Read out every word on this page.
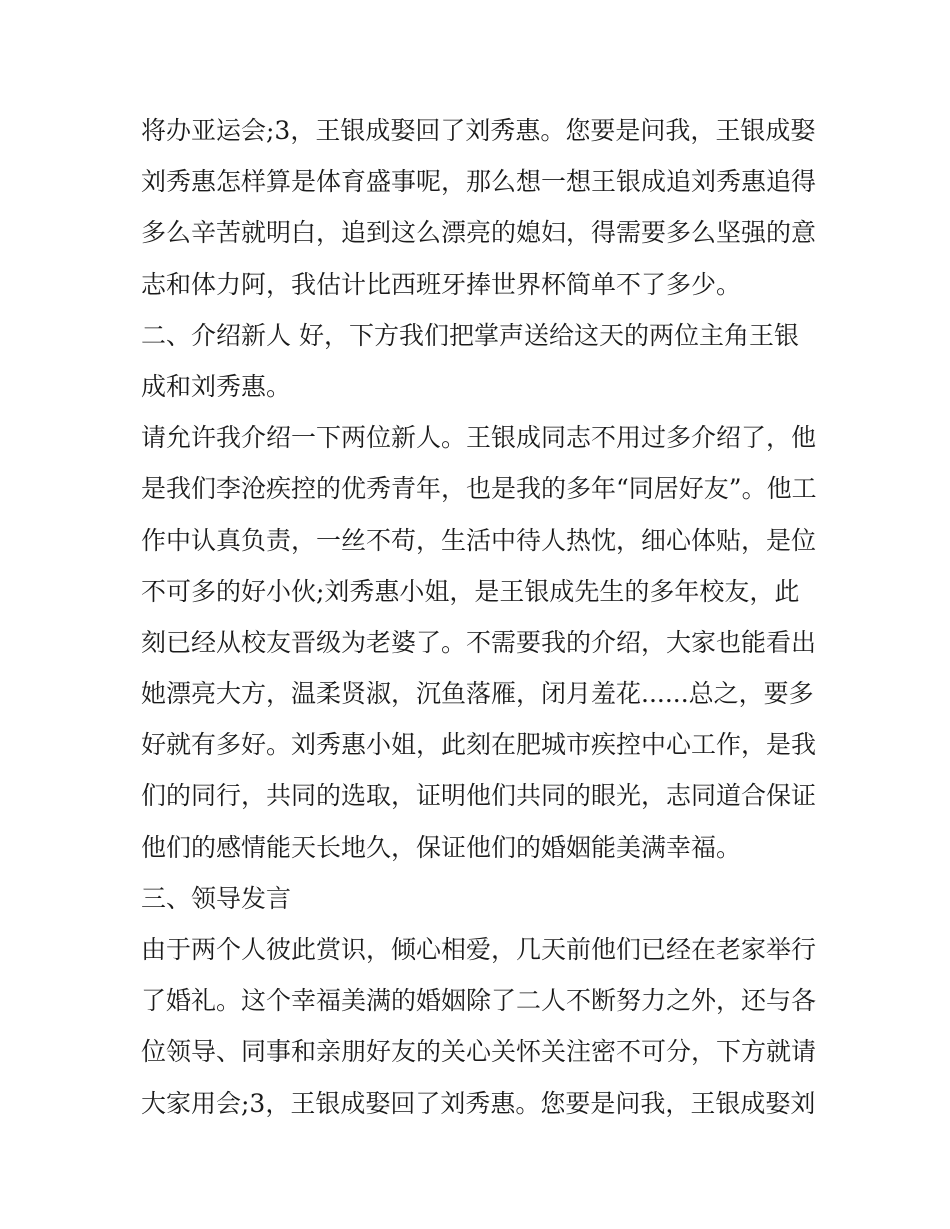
将办亚运会;3，王银成娶回了刘秀惠。您要是问我，王银成娶
刘秀惠怎样算是体育盛事呢，那么想一想王银成追刘秀惠追得
多么辛苦就明白，追到这么漂亮的媳妇，得需要多么坚强的意
志和体力阿，我估计比西班牙捧世界杯简单不了多少。
二、介绍新人 好，下方我们把掌声送给这天的两位主角王银
成和刘秀惠。
请允许我介绍一下两位新人。王银成同志不用过多介绍了，他
是我们李沧疾控的优秀青年，也是我的多年“同居好友”。他工
作中认真负责，一丝不苟，生活中待人热忱，细心体贴，是位
不可多的好小伙;刘秀惠小姐，是王银成先生的多年校友，此
刻已经从校友晋级为老婆了。不需要我的介绍，大家也能看出
她漂亮大方，温柔贤淑，沉鱼落雁，闭月羞花......总之，要多
好就有多好。刘秀惠小姐，此刻在肥城市疾控中心工作，是我
们的同行，共同的选取，证明他们共同的眼光，志同道合保证
他们的感情能天长地久，保证他们的婚姻能美满幸福。
三、领导发言
由于两个人彼此赏识，倾心相爱，几天前他们已经在老家举行
了婚礼。这个幸福美满的婚姻除了二人不断努力之外，还与各
位领导、同事和亲朋好友的关心关怀关注密不可分，下方就请
大家用会;3，王银成娶回了刘秀惠。您要是问我，王银成娶刘
